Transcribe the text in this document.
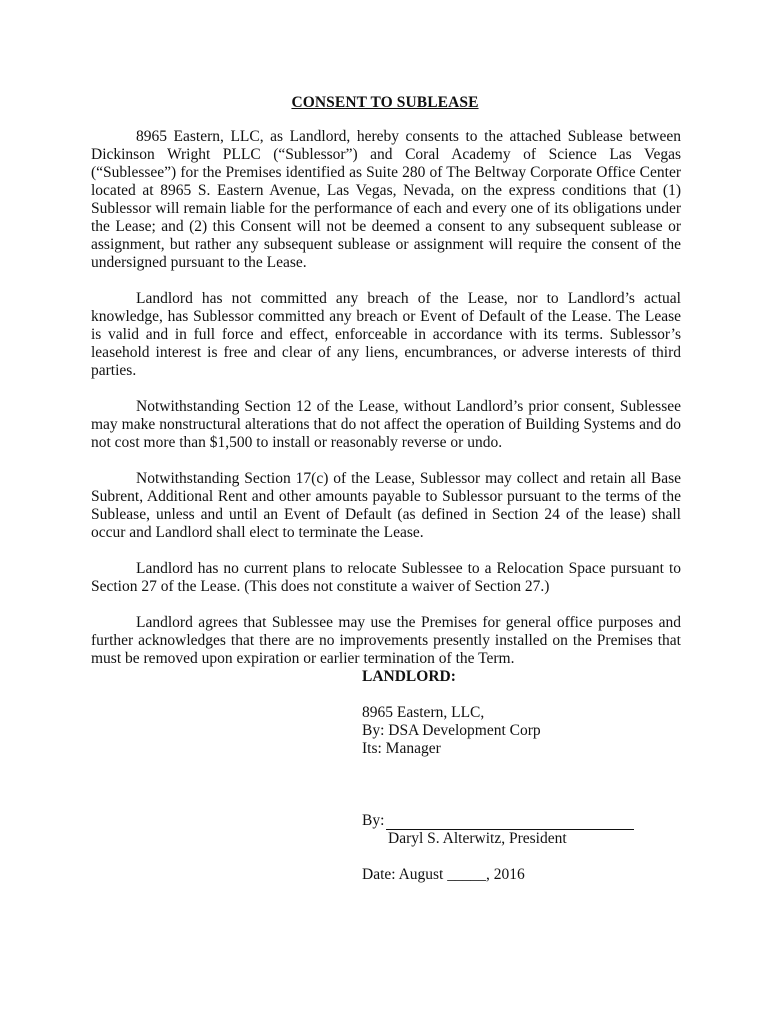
CONSENT TO SUBLEASE

8965 Eastern, LLC, as Landlord, hereby consents to the attached Sublease between Dickinson Wright PLLC (“Sublessor”) and Coral Academy of Science Las Vegas (“Sublessee”) for the Premises identified as Suite 280 of The Beltway Corporate Office Center located at 8965 S. Eastern Avenue, Las Vegas, Nevada, on the express conditions that (1) Sublessor will remain liable for the performance of each and every one of its obligations under the Lease; and (2) this Consent will not be deemed a consent to any subsequent sublease or assignment, but rather any subsequent sublease or assignment will require the consent of the undersigned pursuant to the Lease.

Landlord has not committed any breach of the Lease, nor to Landlord’s actual knowledge, has Sublessor committed any breach or Event of Default of the Lease. The Lease is valid and in full force and effect, enforceable in accordance with its terms. Sublessor’s leasehold interest is free and clear of any liens, encumbrances, or adverse interests of third parties.

Notwithstanding Section 12 of the Lease, without Landlord’s prior consent, Sublessee may make nonstructural alterations that do not affect the operation of Building Systems and do not cost more than $1,500 to install or reasonably reverse or undo.

Notwithstanding Section 17(c) of the Lease, Sublessor may collect and retain all Base Subrent, Additional Rent and other amounts payable to Sublessor pursuant to the terms of the Sublease, unless and until an Event of Default (as defined in Section 24 of the lease) shall occur and Landlord shall elect to terminate the Lease.

Landlord has no current plans to relocate Sublessee to a Relocation Space pursuant to Section 27 of the Lease. (This does not constitute a waiver of Section 27.)

Landlord agrees that Sublessee may use the Premises for general office purposes and further acknowledges that there are no improvements presently installed on the Premises that must be removed upon expiration or earlier termination of the Term.

LANDLORD:
8965 Eastern, LLC,
By: DSA Development Corp
Its: Manager
By:
Daryl S. Alterwitz, President
Date: August _____, 2016
